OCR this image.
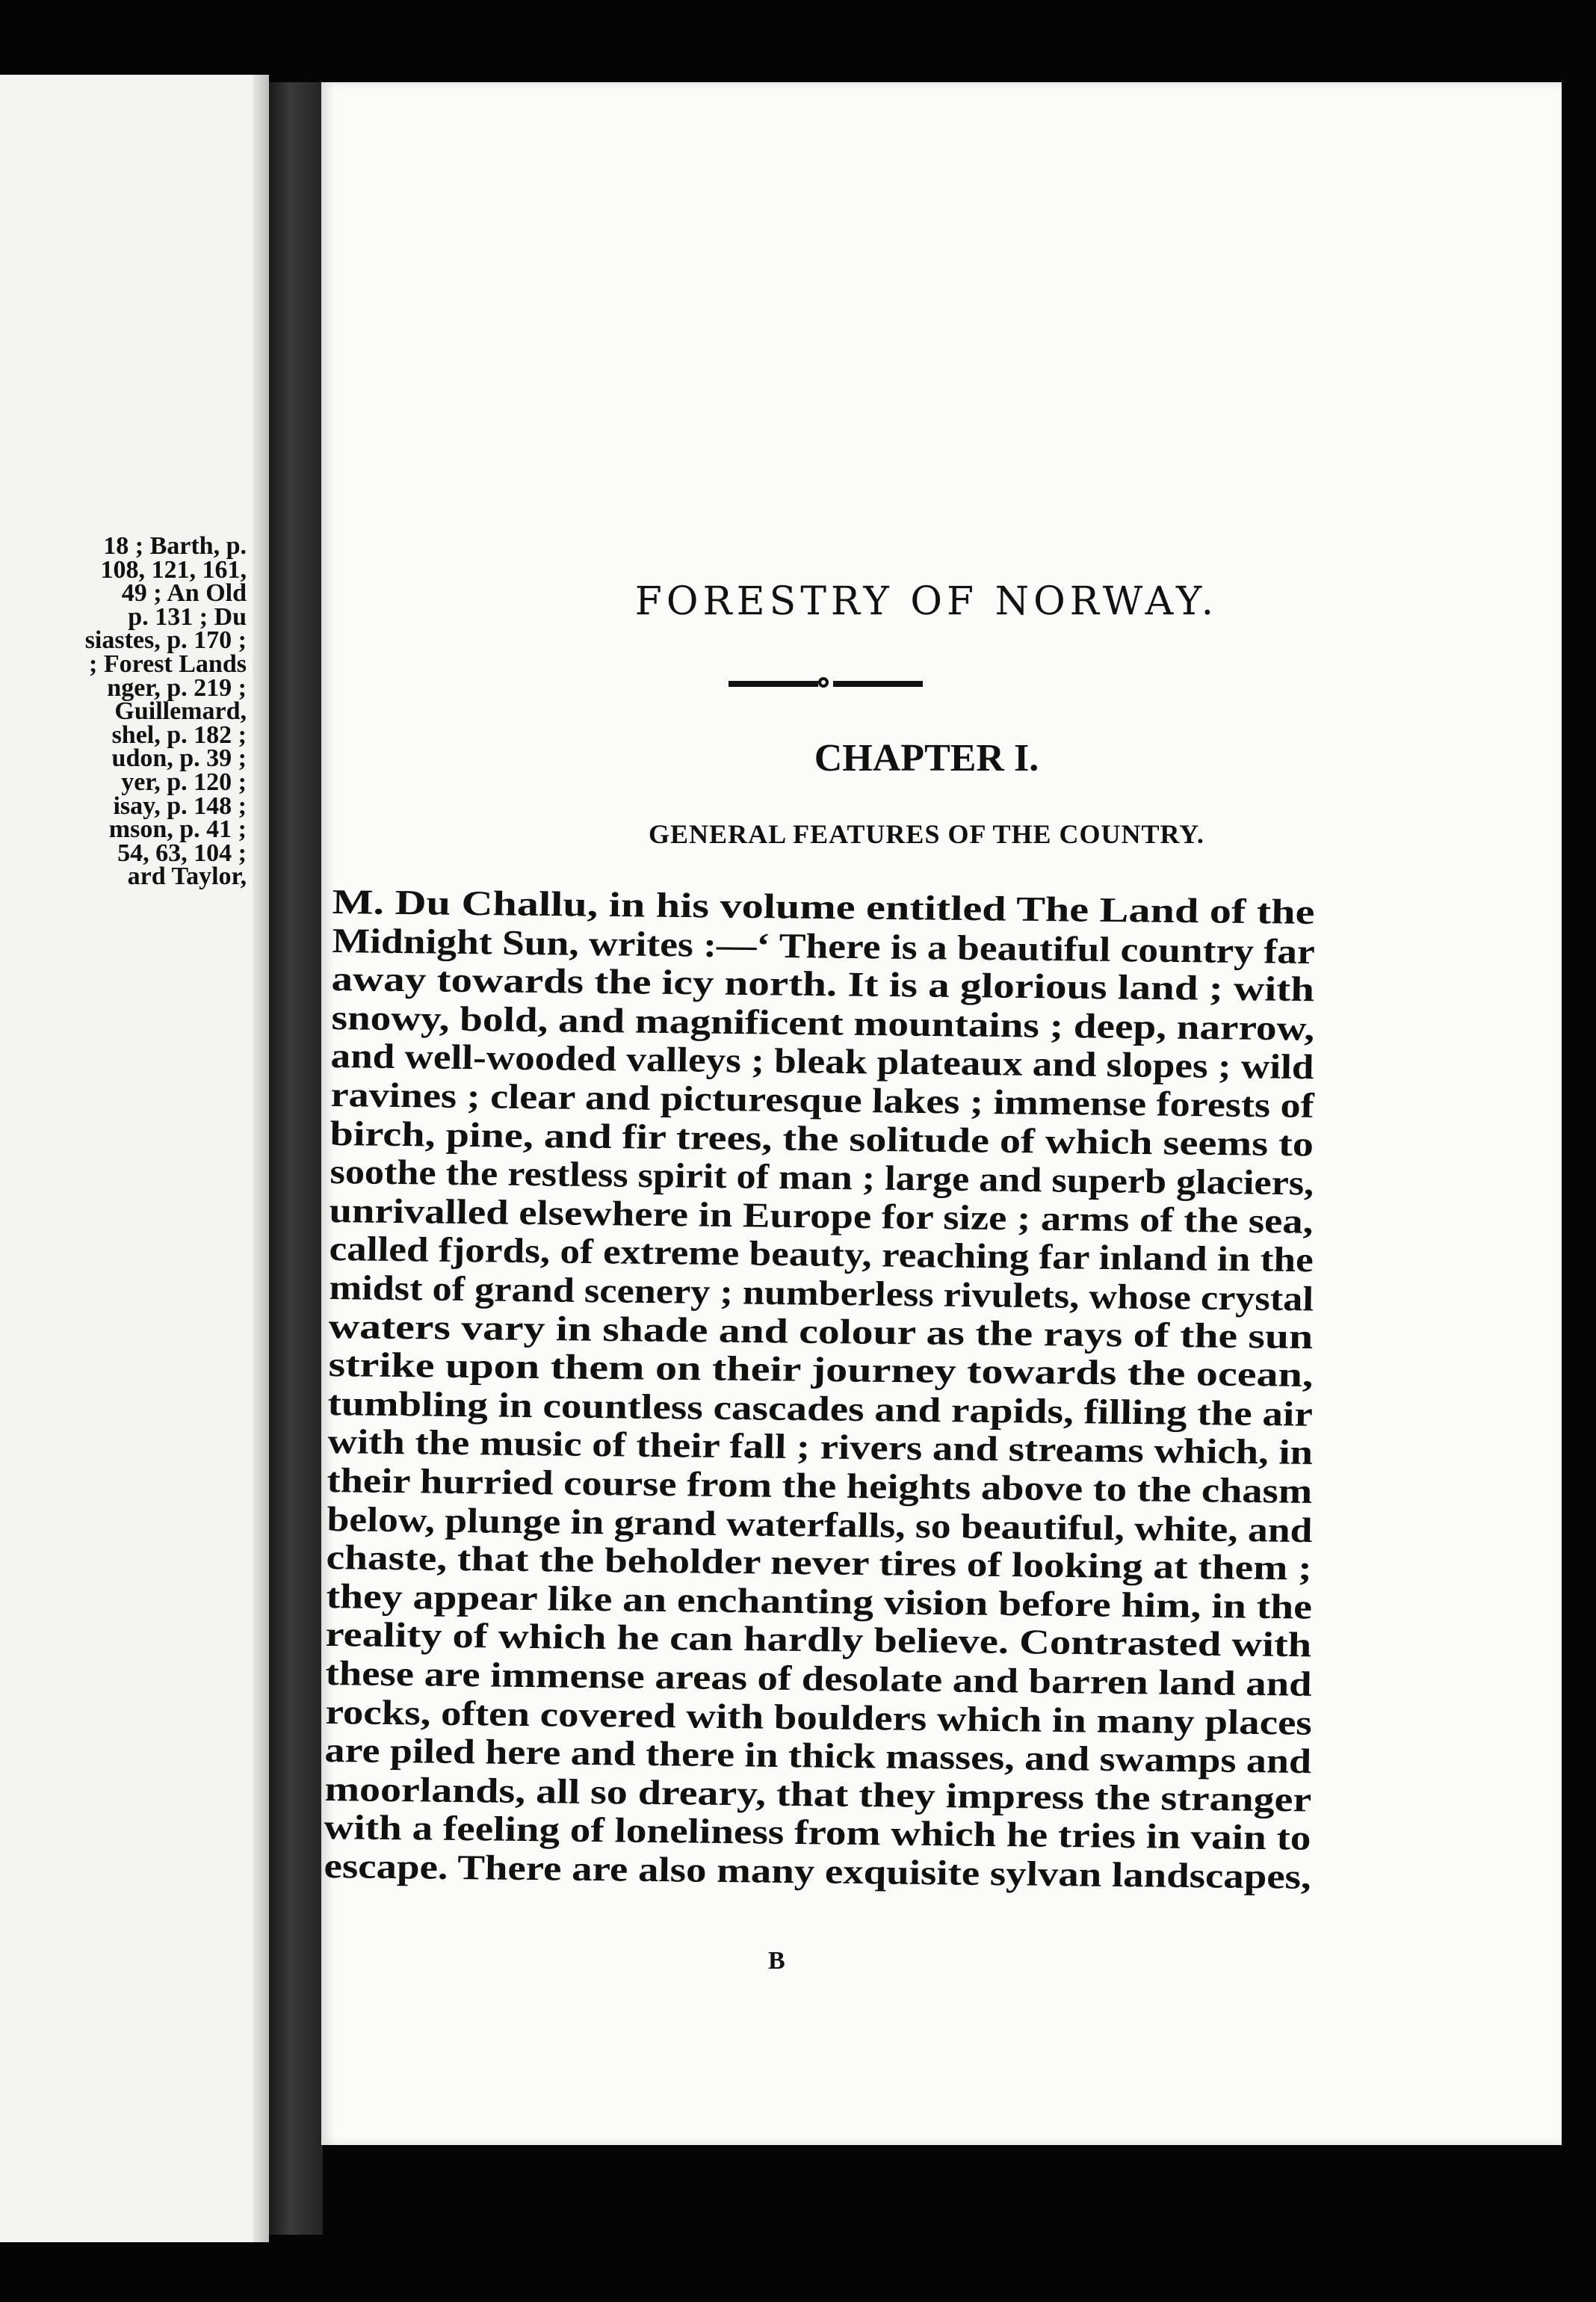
18 ; Barth, p.
108, 121, 161,
49 ; An Old
p. 131 ; Du
siastes, p. 170 ;
; Forest Lands
nger, p. 219 ;
Guillemard,
shel, p. 182 ;
udon, p. 39 ;
yer, p. 120 ;
isay, p. 148 ;
mson, p. 41 ;
54, 63, 104 ;
ard Taylor,
FORESTRY OF NORWAY.
CHAPTER I.
GENERAL FEATURES OF THE COUNTRY.
M. Du Challu, in his volume entitled The Land of the
Midnight Sun, writes :—‘ There is a beautiful country far
away towards the icy north. It is a glorious land ; with
snowy, bold, and magnificent mountains ; deep, narrow,
and well-wooded valleys ; bleak plateaux and slopes ; wild
ravines ; clear and picturesque lakes ; immense forests of
birch, pine, and fir trees, the solitude of which seems to
soothe the restless spirit of man ; large and superb glaciers,
unrivalled elsewhere in Europe for size ; arms of the sea,
called fjords, of extreme beauty, reaching far inland in the
midst of grand scenery ; numberless rivulets, whose crystal
waters vary in shade and colour as the rays of the sun
strike upon them on their journey towards the ocean,
tumbling in countless cascades and rapids, filling the air
with the music of their fall ; rivers and streams which, in
their hurried course from the heights above to the chasm
below, plunge in grand waterfalls, so beautiful, white, and
chaste, that the beholder never tires of looking at them ;
they appear like an enchanting vision before him, in the
reality of which he can hardly believe. Contrasted with
these are immense areas of desolate and barren land and
rocks, often covered with boulders which in many places
are piled here and there in thick masses, and swamps and
moorlands, all so dreary, that they impress the stranger
with a feeling of loneliness from which he tries in vain to
escape. There are also many exquisite sylvan landscapes,
B
